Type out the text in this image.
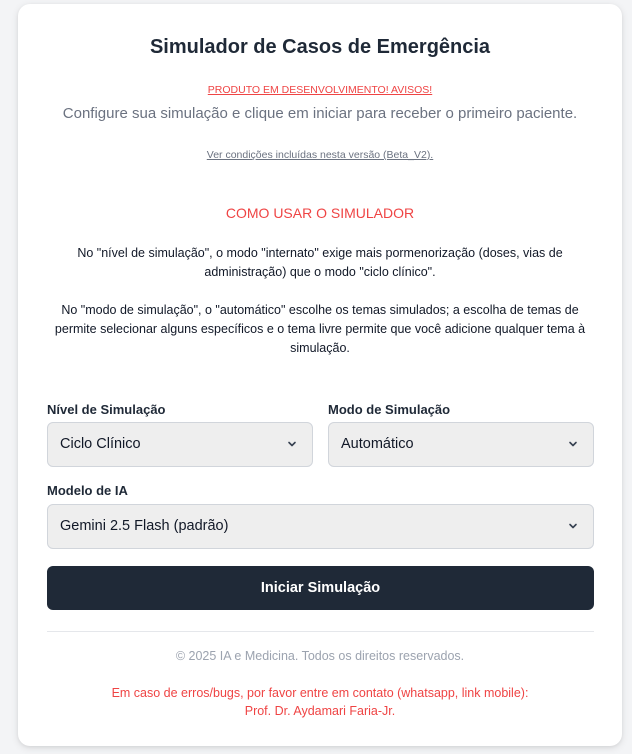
Simulador de Casos de Emergência
PRODUTO EM DESENVOLVIMENTO! AVISOS!
Configure sua simulação e clique em iniciar para receber o primeiro paciente.
Ver condições incluídas nesta versão (Beta_V2).
COMO USAR O SIMULADOR
No "nível de simulação", o modo "internato" exige mais pormenorização (doses, vias de administração) que o modo "ciclo clínico".
No "modo de simulação", o "automático" escolhe os temas simulados; a escolha de temas de permite selecionar alguns específicos e o tema livre permite que você adicione qualquer tema à simulação.
Nível de Simulação
Ciclo Clínico
Modo de Simulação
Automático
Modelo de IA
Gemini 2.5 Flash (padrão)
Iniciar Simulação
© 2025 IA e Medicina. Todos os direitos reservados.
Em caso de erros/bugs, por favor entre em contato (whatsapp, link mobile):
Prof. Dr. Aydamari Faria-Jr.
